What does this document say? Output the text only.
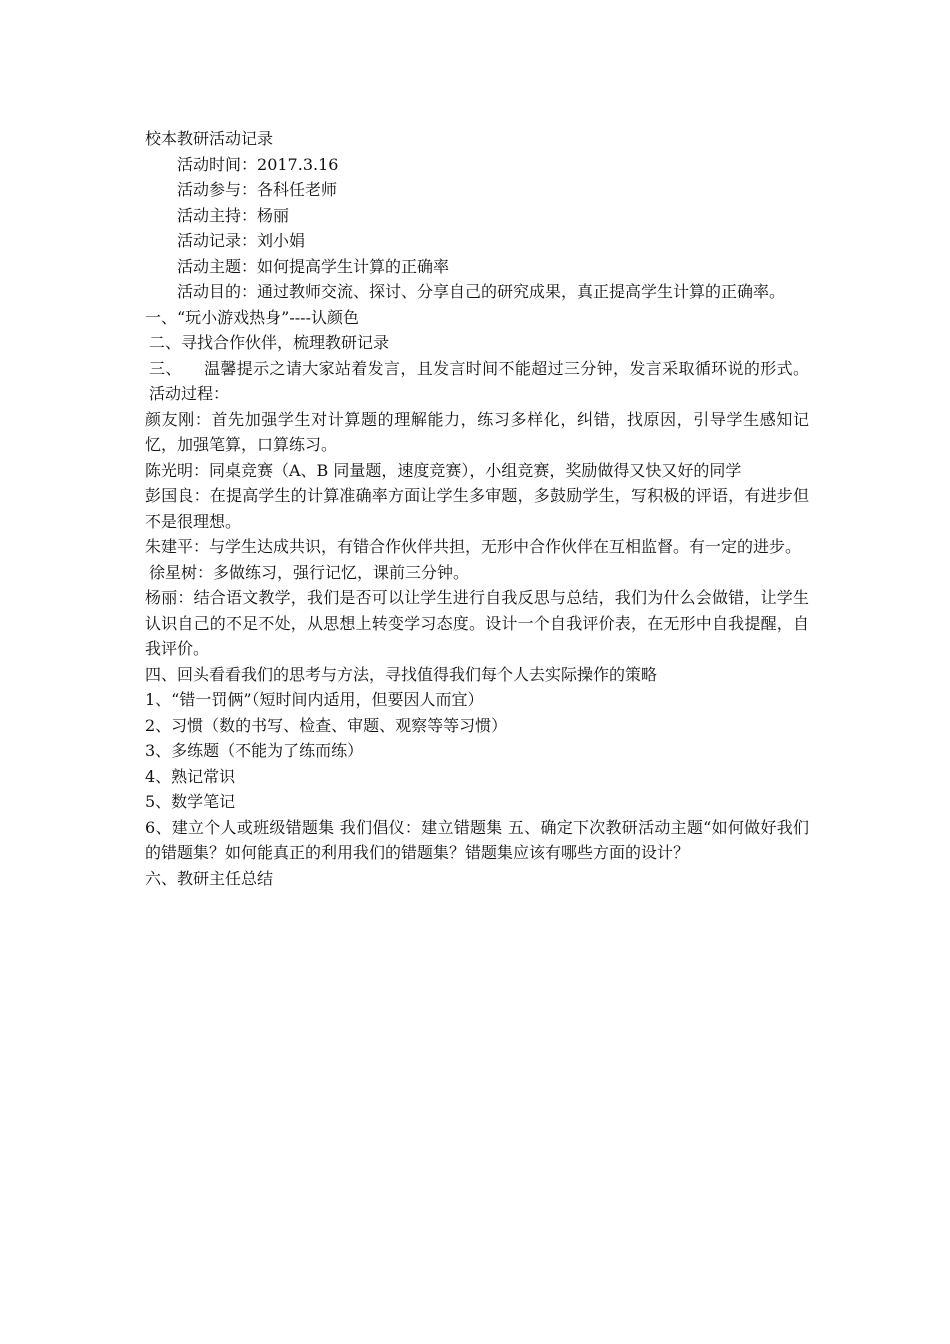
校本教研活动记录

活动时间：2017.3.16

活动参与：各科任老师

活动主持：杨丽

活动记录：刘小娟

活动主题：如何提高学生计算的正确率

活动目的：通过教师交流、探讨、分享自己的研究成果，真正提高学生计算的正确率。

一、“玩小游戏热身”----认颜色

二、寻找合作伙伴，梳理教研记录

三、 温馨提示之请大家站着发言，且发言时间不能超过三分钟，发言采取循环说的形式。 活动过程：

颜友刚：首先加强学生对计算题的理解能力，练习多样化，纠错，找原因，引导学生感知记忆，加强笔算，口算练习。

陈光明：同桌竞赛（A、B 同量题，速度竞赛），小组竞赛，奖励做得又快又好的同学

彭国良：在提高学生的计算准确率方面让学生多审题，多鼓励学生，写积极的评语，有进步但不是很理想。

朱建平：与学生达成共识，有错合作伙伴共担，无形中合作伙伴在互相监督。有一定的进步。

徐星树：多做练习，强行记忆，课前三分钟。

杨丽：结合语文教学，我们是否可以让学生进行自我反思与总结，我们为什么会做错，让学生认识自己的不足不处，从思想上转变学习态度。设计一个自我评价表，在无形中自我提醒，自我评价。

四、回头看看我们的思考与方法，寻找值得我们每个人去实际操作的策略

1、“错一罚俩”（短时间内适用，但要因人而宜）

2、习惯（数的书写、检查、审题、观察等等习惯）

3、多练题（不能为了练而练）

4、熟记常识

5、数学笔记

6、建立个人或班级错题集 我们倡仪：建立错题集 五、确定下次教研活动主题“如何做好我们的错题集？如何能真正的利用我们的错题集？错题集应该有哪些方面的设计？

六、教研主任总结
